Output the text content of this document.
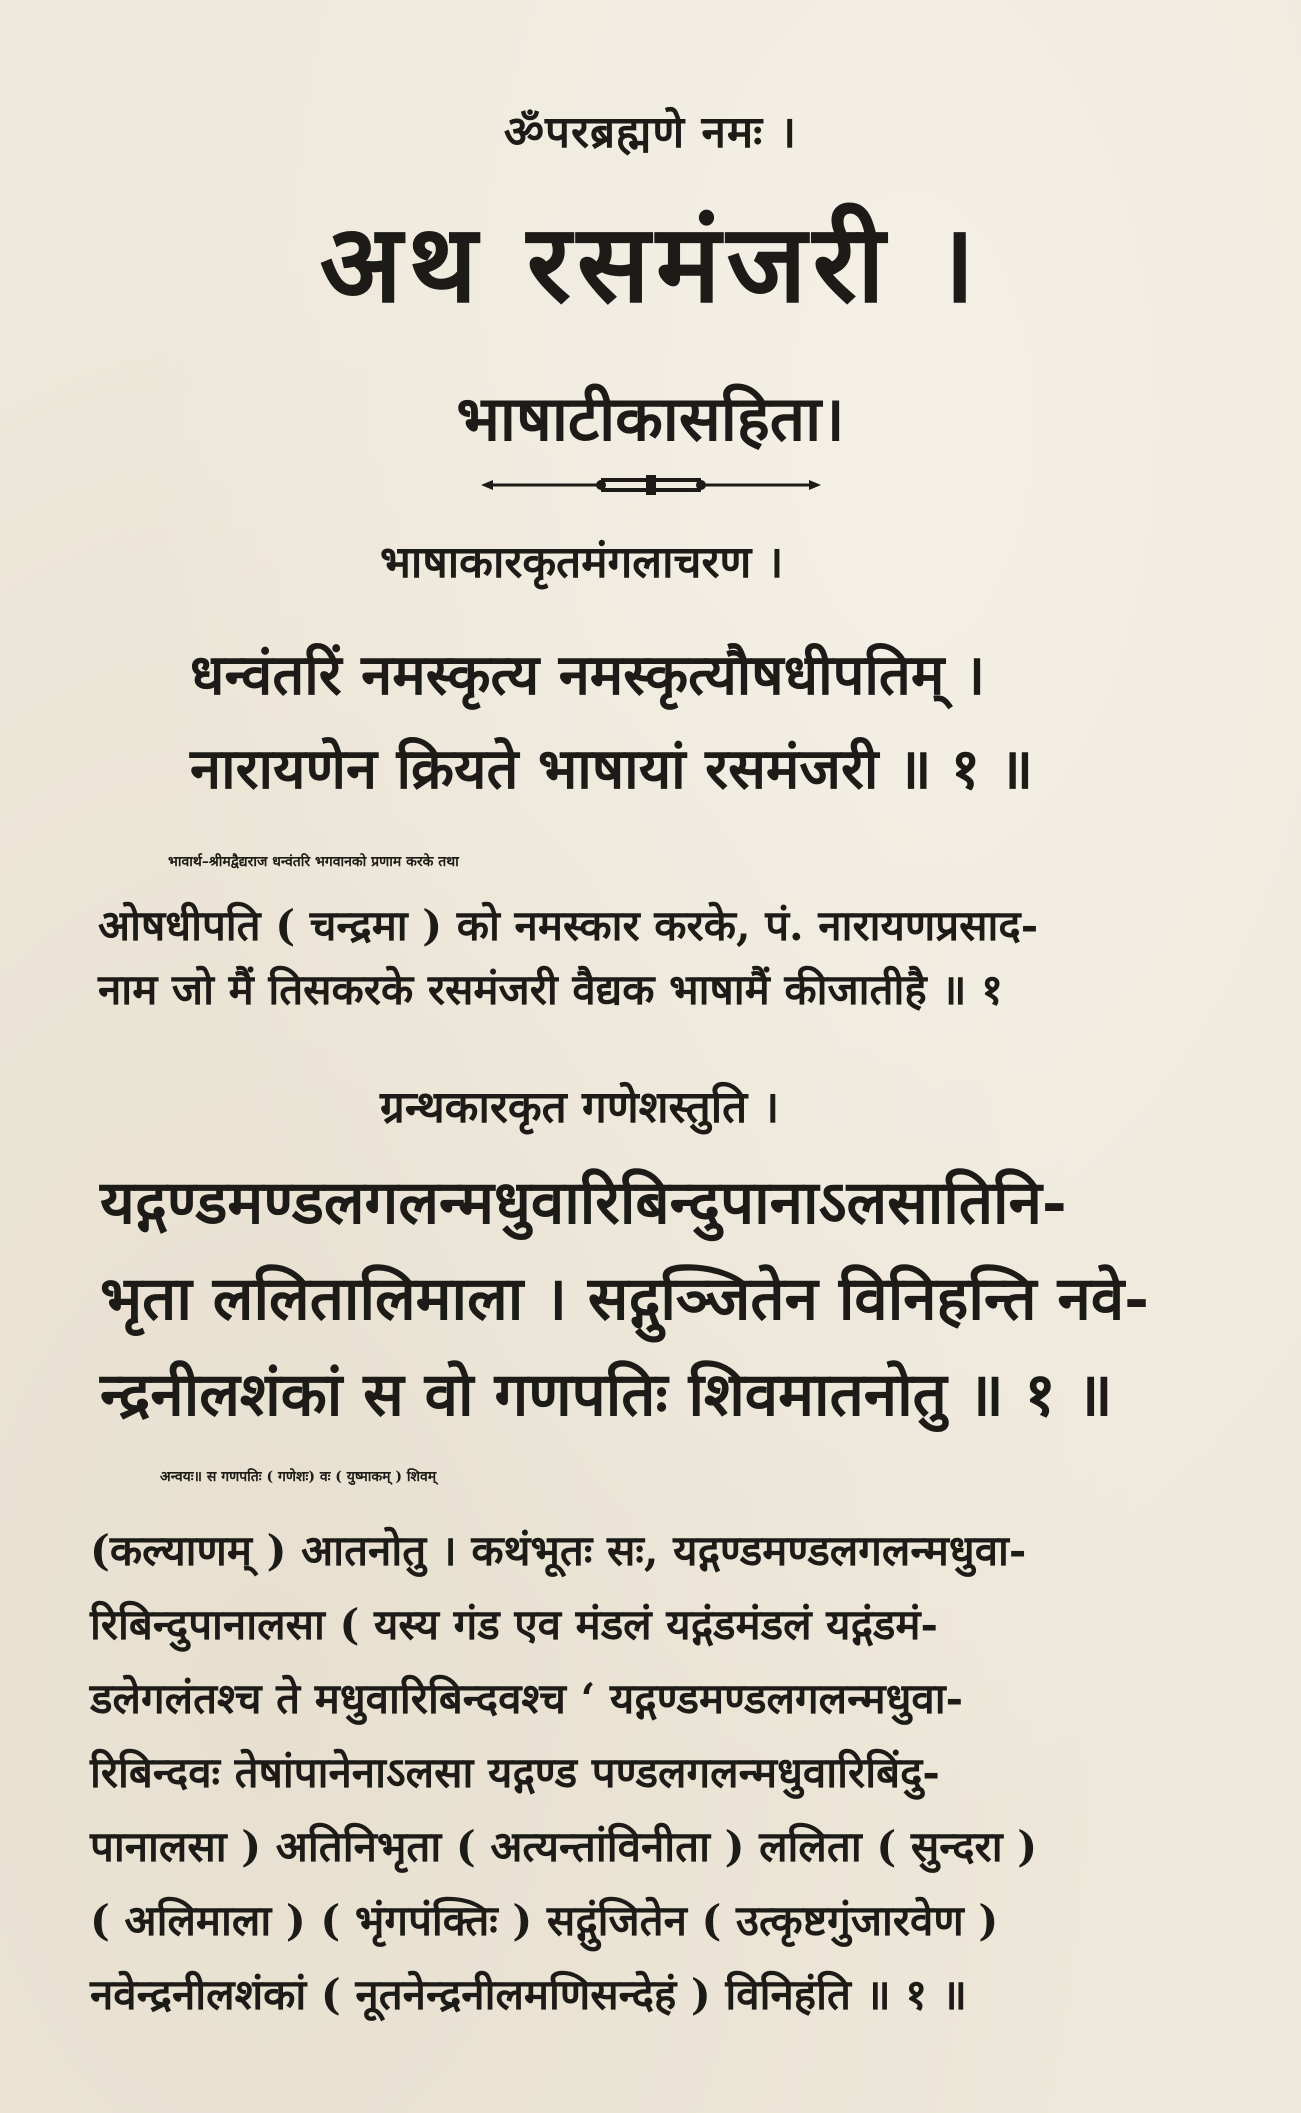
ॐपरब्रह्मणे नमः ।
अथ रसमंजरी ।
भाषाटीकासहिता।
भाषाकारकृतमंगलाचरण ।
धन्वंतरिं नमस्कृत्य नमस्कृत्यौषधीपतिम् ।
नारायणेन क्रियते भाषायां रसमंजरी ॥ १ ॥
भावार्थ–श्रीमद्वैद्यराज धन्वंतरि भगवानको प्रणाम करके तथा
ओषधीपति ( चन्द्रमा ) को नमस्कार करके, पं. नारायणप्रसाद-
नाम जो मैं तिसकरके रसमंजरी वैद्यक भाषामैं कीजातीहै ॥ १
ग्रन्थकारकृत गणेशस्तुति ।
यद्गण्डमण्डलगलन्मधुवारिबिन्दुपानाऽलसातिनि-
भृता ललितालिमाला । सद्गुञ्जितेन विनिहन्ति नवे-
न्द्रनीलशंकां स वो गणपतिः शिवमातनोतु ॥ १ ॥
अन्वयः॥ स गणपतिः ( गणेशः) वः ( युष्माकम् ) शिवम्
(कल्याणम् ) आतनोतु । कथंभूतः सः, यद्गण्डमण्डलगलन्मधुवा-
रिबिन्दुपानालसा ( यस्य गंड एव मंडलं यद्गंडमंडलं यद्गंडमं-
डलेगलंतश्च ते मधुवारिबिन्दवश्च ‘ यद्गण्डमण्डलगलन्मधुवा-
रिबिन्दवः तेषांपानेनाऽलसा यद्गण्ड पण्डलगलन्मधुवारिबिंदु-
पानालसा ) अतिनिभृता ( अत्यन्तांविनीता ) ललिता ( सुन्दरा )
( अलिमाला ) ( भृंगपंक्तिः ) सद्गुंजितेन ( उत्कृष्टगुंजारवेण )
नवेन्द्रनीलशंकां ( नूतनेन्द्रनीलमणिसन्देहं ) विनिहंति ॥ १ ॥
